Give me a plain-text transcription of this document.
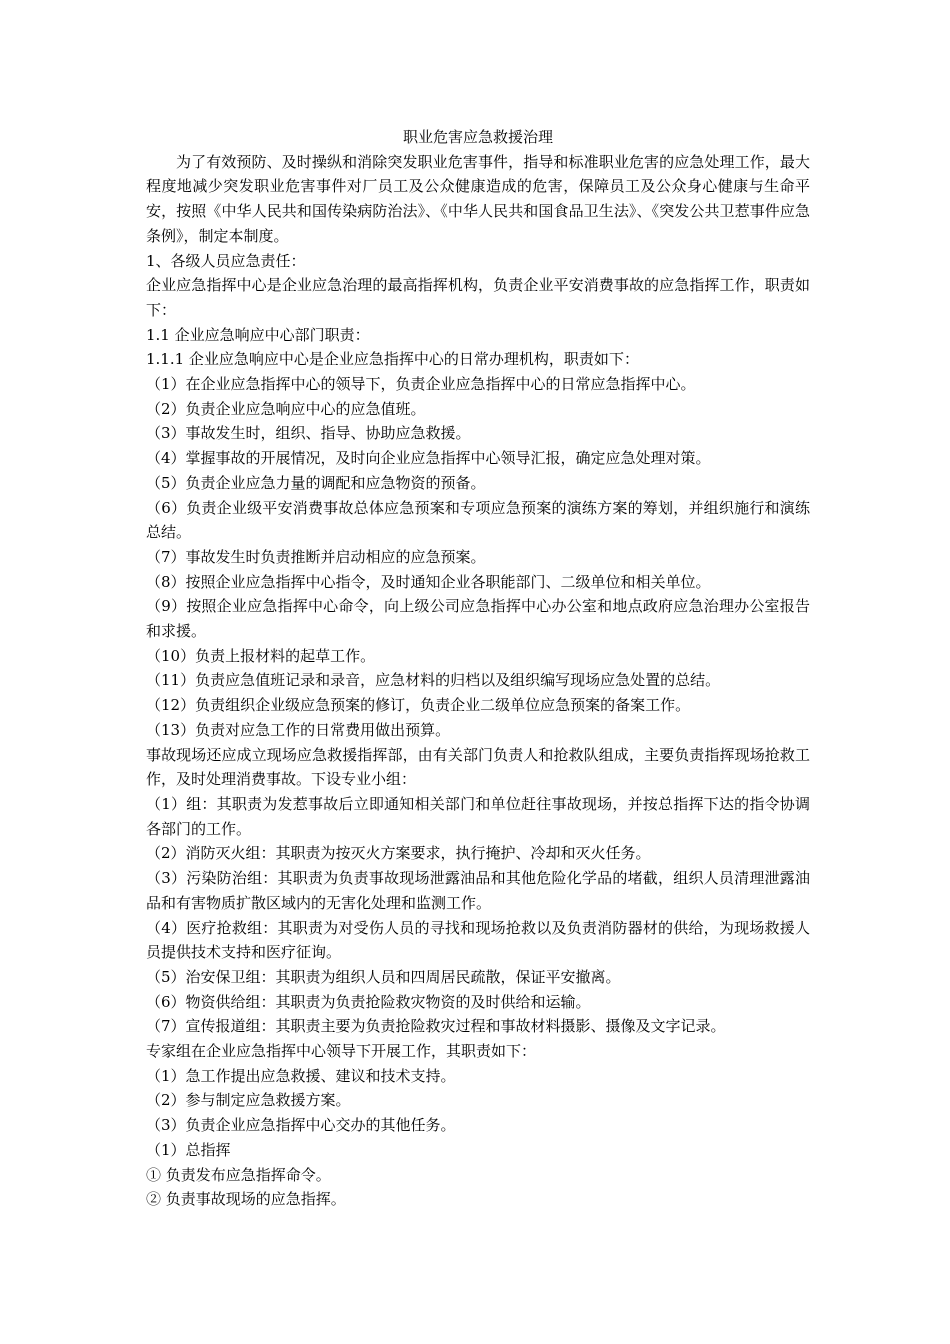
职业危害应急救援治理

为了有效预防、及时操纵和消除突发职业危害事件，指导和标准职业危害的应急处理工作，最大程度地减少突发职业危害事件对厂员工及公众健康造成的危害，保障员工及公众身心健康与生命平安，按照《中华人民共和国传染病防治法》、《中华人民共和国食品卫生法》、《突发公共卫惹事件应急条例》，制定本制度。

1、各级人员应急责任：

企业应急指挥中心是企业应急治理的最高指挥机构，负责企业平安消费事故的应急指挥工作，职责如下：

1.1 企业应急响应中心部门职责：

1.1.1 企业应急响应中心是企业应急指挥中心的日常办理机构，职责如下：

（1）在企业应急指挥中心的领导下，负责企业应急指挥中心的日常应急指挥中心。

（2）负责企业应急响应中心的应急值班。

（3）事故发生时，组织、指导、协助应急救援。

（4）掌握事故的开展情况，及时向企业应急指挥中心领导汇报，确定应急处理对策。

（5）负责企业应急力量的调配和应急物资的预备。

（6）负责企业级平安消费事故总体应急预案和专项应急预案的演练方案的筹划，并组织施行和演练总结。

（7）事故发生时负责推断并启动相应的应急预案。

（8）按照企业应急指挥中心指令，及时通知企业各职能部门、二级单位和相关单位。

（9）按照企业应急指挥中心命令，向上级公司应急指挥中心办公室和地点政府应急治理办公室报告和求援。

（10）负责上报材料的起草工作。

（11）负责应急值班记录和录音，应急材料的归档以及组织编写现场应急处置的总结。

（12）负责组织企业级应急预案的修订，负责企业二级单位应急预案的备案工作。

（13）负责对应急工作的日常费用做出预算。

事故现场还应成立现场应急救援指挥部，由有关部门负责人和抢救队组成，主要负责指挥现场抢救工作，及时处理消费事故。下设专业小组：

（1）组：其职责为发惹事故后立即通知相关部门和单位赶往事故现场，并按总指挥下达的指令协调各部门的工作。

（2）消防灭火组：其职责为按灭火方案要求，执行掩护、冷却和灭火任务。

（3）污染防治组：其职责为负责事故现场泄露油品和其他危险化学品的堵截，组织人员清理泄露油品和有害物质扩散区域内的无害化处理和监测工作。

（4）医疗抢救组：其职责为对受伤人员的寻找和现场抢救以及负责消防器材的供给，为现场救援人员提供技术支持和医疗征询。

（5）治安保卫组：其职责为组织人员和四周居民疏散，保证平安撤离。

（6）物资供给组：其职责为负责抢险救灾物资的及时供给和运输。

（7）宣传报道组：其职责主要为负责抢险救灾过程和事故材料摄影、摄像及文字记录。

专家组在企业应急指挥中心领导下开展工作，其职责如下：

（1）急工作提出应急救援、建议和技术支持。

（2）参与制定应急救援方案。

（3）负责企业应急指挥中心交办的其他任务。

（1）总指挥

① 负责发布应急指挥命令。

② 负责事故现场的应急指挥。
